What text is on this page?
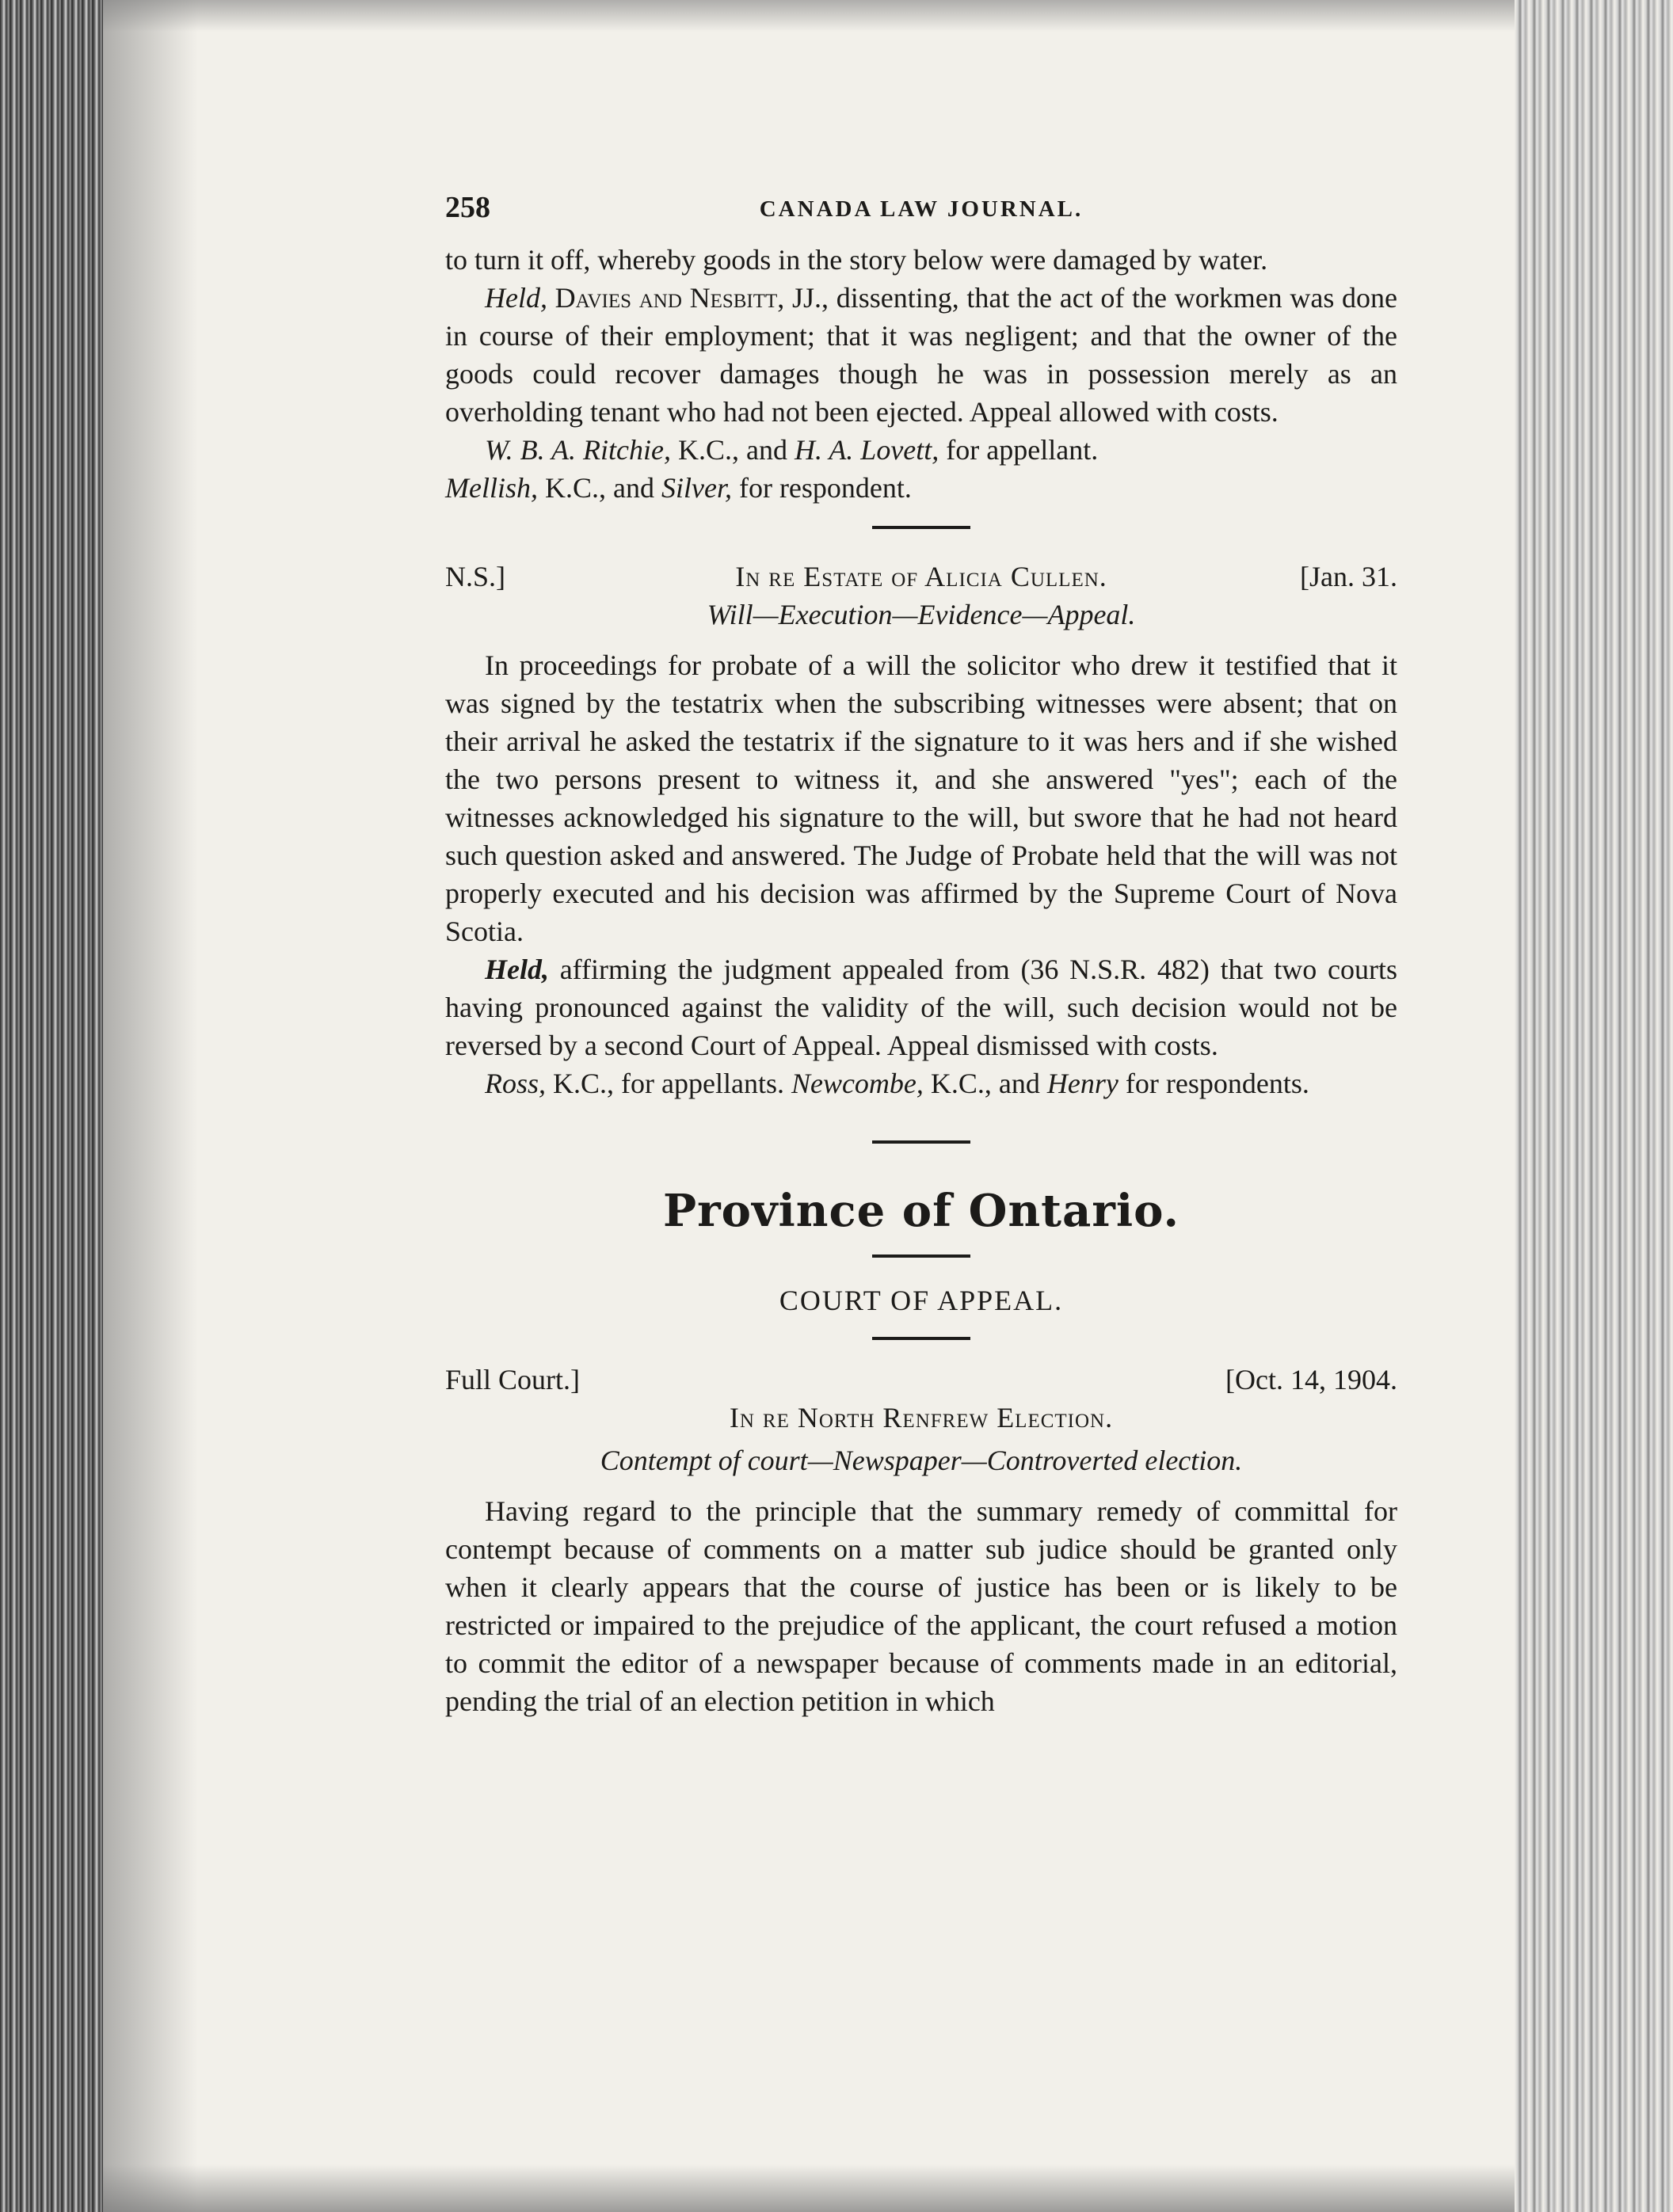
258	CANADA LAW JOURNAL.

to turn it off, whereby goods in the story below were damaged by water.

Held, Davies and Nesbitt, JJ., dissenting, that the act of the workmen was done in course of their employment; that it was negligent; and that the owner of the goods could recover damages though he was in possession merely as an overholding tenant who had not been ejected. Appeal allowed with costs.

W. B. A. Ritchie, K.C., and H. A. Lovett, for appellant.

Mellish, K.C., and Silver, for respondent.

N.S.]	In re Estate of Alicia Cullen.	[Jan. 31.

Will—Execution—Evidence—Appeal.

In proceedings for probate of a will the solicitor who drew it testified that it was signed by the testatrix when the subscribing witnesses were absent; that on their arrival he asked the testatrix if the signature to it was hers and if she wished the two persons present to witness it, and she answered "yes"; each of the witnesses acknowledged his signature to the will, but swore that he had not heard such question asked and answered. The Judge of Probate held that the will was not properly executed and his decision was affirmed by the Supreme Court of Nova Scotia.

Held, affirming the judgment appealed from (36 N.S.R. 482) that two courts having pronounced against the validity of the will, such decision would not be reversed by a second Court of Appeal. Appeal dismissed with costs.

Ross, K.C., for appellants. Newcombe, K.C., and Henry for respondents.

Province of Ontario.
COURT OF APPEAL.
Full Court.]	[Oct. 14, 1904.
In re North Renfrew Election.

Contempt of court—Newspaper—Controverted election.

Having regard to the principle that the summary remedy of committal for contempt because of comments on a matter sub judice should be granted only when it clearly appears that the course of justice has been or is likely to be restricted or impaired to the prejudice of the applicant, the court refused a motion to commit the editor of a newspaper because of comments made in an editorial, pending the trial of an election petition in which
